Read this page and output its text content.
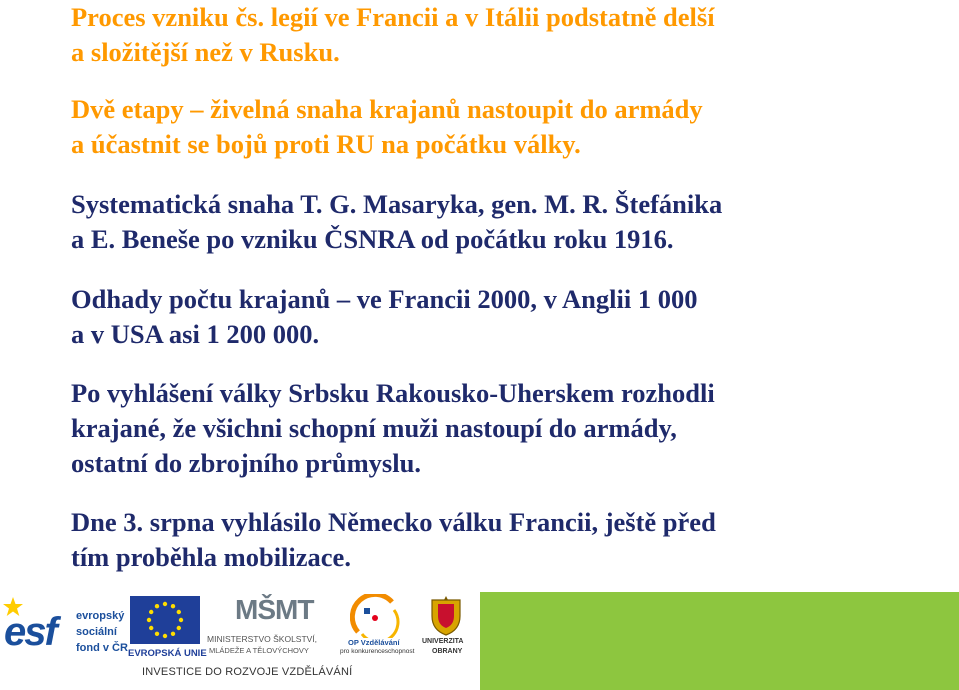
Proces vzniku čs. legií ve Francii a v Itálii podstatně delší
a složitější než v Rusku.

Dvě etapy – živelná snaha krajanů nastoupit do armády
a účastnit se bojů proti RU na počátku války.

Systematická snaha T. G. Masaryka, gen. M. R. Štefánika
a E. Beneše po vzniku ČSNRA od počátku roku 1916.

Odhady počtu krajanů – ve Francii 2000, v Anglii 1 000
a v USA asi 1 200 000.

Po vyhlášení války Srbsku Rakousko-Uherskem rozhodli
krajané, že všichni schopní muži nastoupí do armády,
ostatní do zbrojního průmyslu.

Dne 3. srpna vyhlásilo Německo válku Francii, ještě před
tím proběhla mobilizace.

esf evropský
sociální
fond v ČR EVROPSKÁ UNIE
MŠMT
MINISTERSTVO ŠKOLSTVÍ,
MLÁDEŽE A TĚLOVÝCHOVY
OP Vzdělávání
pro konkurenceschopnost
UNIVERZITA
OBRANY
INVESTICE DO ROZVOJE VZDĚLÁVÁNÍ
